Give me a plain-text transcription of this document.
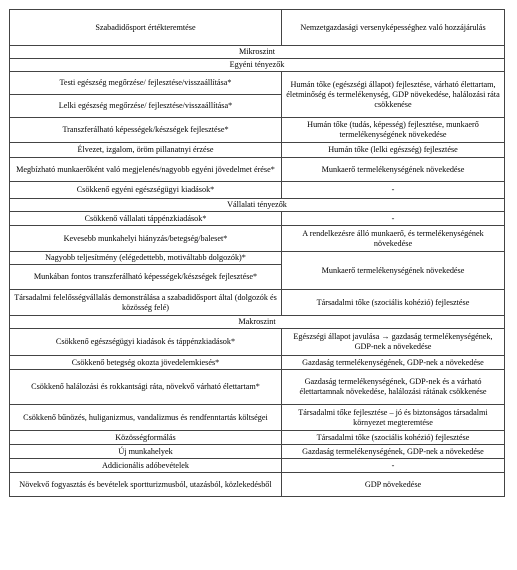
Szabadidősport értékteremtése	Nemzetgazdasági versenyképességhez való hozzájárulás
Mikroszint	
Egyéni tényezők	
Testi egészség megőrzése/ fejlesztése/visszaállítása*	Humán tőke (egészségi állapot) fejlesztése, várható élettartam, életminőség és termelékenység, GDP növekedése, halálozási ráta csökkenése
Lelki egészség megőrzése/ fejlesztése/visszaállítása*	
Transzferálható képességek/készségek fejlesztése*	Humán tőke (tudás, képesség) fejlesztése, munkaerő termelékenységének növekedése
Élvezet, izgalom, öröm pillanatnyi érzése	Humán tőke (lelki egészség) fejlesztése
Megbízható munkaerőként való megjelenés/nagyobb egyéni jövedelmet érése*	Munkaerő termelékenységének növekedése
Csökkenő egyéni egészségügyi kiadások*	-
Vállalati tényezők	
Csökkenő vállalati táppénzkiadások*	-
Kevesebb munkahelyi hiányzás/betegség/baleset*	A rendelkezésre álló munkaerő, és termelékenységének növekedése
Nagyobb teljesítmény (elégedettebb, motiváltabb dolgozók)*	Munkaerő termelékenységének növekedése
Munkában fontos transzferálható képességek/készségek fejlesztése*	
Társadalmi felelősségvállalás demonstrálása a szabadidősport által (dolgozók és közösség felé)	Társadalmi tőke (szociális kohézió) fejlesztése
Makroszint	
Csökkenő egészségügyi kiadások és táppénzkiadások*	Egészségi állapot javulása → gazdaság termelékenységének, GDP-nek a növekedése
Csökkenő betegség okozta jövedelemkiesés*	Gazdaság termelékenységének, GDP-nek a növekedése
Csökkenő halálozási és rokkantsági ráta, növekvő várható élettartam*	Gazdaság termelékenységének, GDP-nek és a várható élettartamnak növekedése, halálozási rátának csökkenése
Csökkenő bűnözés, huliganizmus, vandalizmus és rendfenntartás költségei	Társadalmi tőke fejlesztése – jó és biztonságos társadalmi környezet megteremtése
Közösségformálás	Társadalmi tőke (szociális kohézió) fejlesztése
Új munkahelyek	Gazdaság termelékenységének, GDP-nek a növekedése
Addicionális adóbevételek	-
Növekvő fogyasztás és bevételek sportturizmusból, utazásból, közlekedésből	GDP növekedése
